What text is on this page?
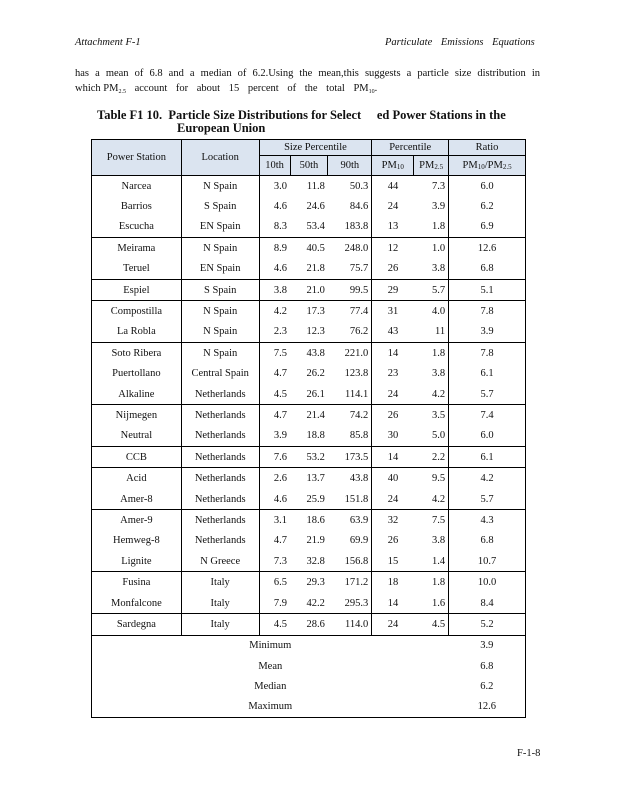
Attachment F-1	Particulate Emissions Equations
has a mean of 6.8 and a median of 6.2.Using the mean,this suggests a particle size distribution in
which $PM_{2.5}$ account for about 15 percent of the total $PM_{10}$.
Table F1 10.  Particle Size Distributions for Select     ed Power Stations in the
European Union
Power Station	Location	Size Percentile			Percentile		Ratio
		10th	50th	90th	PM10	PM2.5	PM10/PM2.5
Narcea	N Spain	3.0	11.8	50.3	44	7.3	6.0
Barrios	S Spain	4.6	24.6	84.6	24	3.9	6.2
Escucha	EN Spain	8.3	53.4	183.8	13	1.8	6.9
Meirama	N Spain	8.9	40.5	248.0	12	1.0	12.6
Teruel	EN Spain	4.6	21.8	75.7	26	3.8	6.8
Espiel	S Spain	3.8	21.0	99.5	29	5.7	5.1
Compostilla	N Spain	4.2	17.3	77.4	31	4.0	7.8
La Robla	N Spain	2.3	12.3	76.2	43	11	3.9
Soto Ribera	N Spain	7.5	43.8	221.0	14	1.8	7.8
Puertollano	Central Spain	4.7	26.2	123.8	23	3.8	6.1
Alkaline	Netherlands	4.5	26.1	114.1	24	4.2	5.7
Nijmegen	Netherlands	4.7	21.4	74.2	26	3.5	7.4
Neutral	Netherlands	3.9	18.8	85.8	30	5.0	6.0
CCB	Netherlands	7.6	53.2	173.5	14	2.2	6.1
Acid	Netherlands	2.6	13.7	43.8	40	9.5	4.2
Amer-8	Netherlands	4.6	25.9	151.8	24	4.2	5.7
Amer-9	Netherlands	3.1	18.6	63.9	32	7.5	4.3
Hemweg-8	Netherlands	4.7	21.9	69.9	26	3.8	6.8
Lignite	N Greece	7.3	32.8	156.8	15	1.4	10.7
Fusina	Italy	6.5	29.3	171.2	18	1.8	10.0
Monfalcone	Italy	7.9	42.2	295.3	14	1.6	8.4
Sardegna	Italy	4.5	28.6	114.0	24	4.5	5.2
Minimum							3.9
Mean							6.8
Median							6.2
Maximum							12.6
F-1-8
